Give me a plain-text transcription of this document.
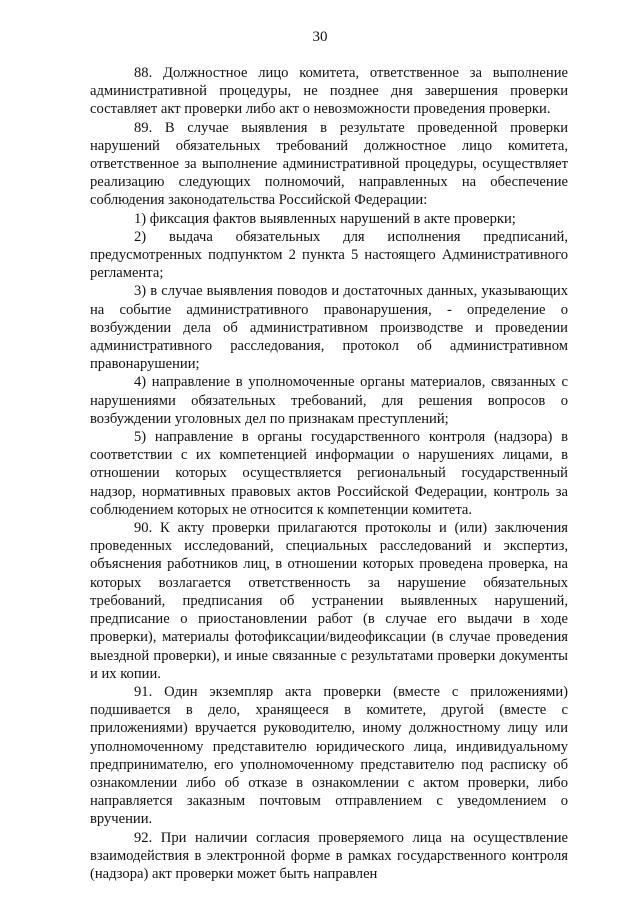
30

88. Должностное лицо комитета, ответственное за выполнение административной процедуры, не позднее дня завершения проверки составляет акт проверки либо акт о невозможности проведения проверки.

89. В случае выявления в результате проведенной проверки нарушений обязательных требований должностное лицо комитета, ответственное за выполнение административной процедуры, осуществляет реализацию следующих полномочий, направленных на обеспечение соблюдения законодательства Российской Федерации:

1) фиксация фактов выявленных нарушений в акте проверки;

2) выдача обязательных для исполнения предписаний, предусмотренных подпунктом 2 пункта 5 настоящего Административного регламента;

3) в случае выявления поводов и достаточных данных, указывающих на событие административного правонарушения, - определение о возбуждении дела об административном производстве и проведении административного расследования, протокол об административном правонарушении;

4) направление в уполномоченные органы материалов, связанных с нарушениями обязательных требований, для решения вопросов о возбуждении уголовных дел по признакам преступлений;

5) направление в органы государственного контроля (надзора) в соответствии с их компетенцией информации о нарушениях лицами, в отношении которых осуществляется региональный государственный надзор, нормативных правовых актов Российской Федерации, контроль за соблюдением которых не относится к компетенции комитета.

90. К акту проверки прилагаются протоколы и (или) заключения проведенных исследований, специальных расследований и экспертиз, объяснения работников лиц, в отношении которых проведена проверка, на которых возлагается ответственность за нарушение обязательных требований, предписания об устранении выявленных нарушений, предписание о приостановлении работ (в случае его выдачи в ходе проверки), материалы фотофиксации/видеофиксации (в случае проведения выездной проверки), и иные связанные с результатами проверки документы и их копии.

91. Один экземпляр акта проверки (вместе с приложениями) подшивается в дело, хранящееся в комитете, другой (вместе с приложениями) вручается руководителю, иному должностному лицу или уполномоченному представителю юридического лица, индивидуальному предпринимателю, его уполномоченному представителю под расписку об ознакомлении либо об отказе в ознакомлении с актом проверки, либо направляется заказным почтовым отправлением с уведомлением о вручении.

92. При наличии согласия проверяемого лица на осуществление взаимодействия в электронной форме в рамках государственного контроля (надзора) акт проверки может быть направлен
